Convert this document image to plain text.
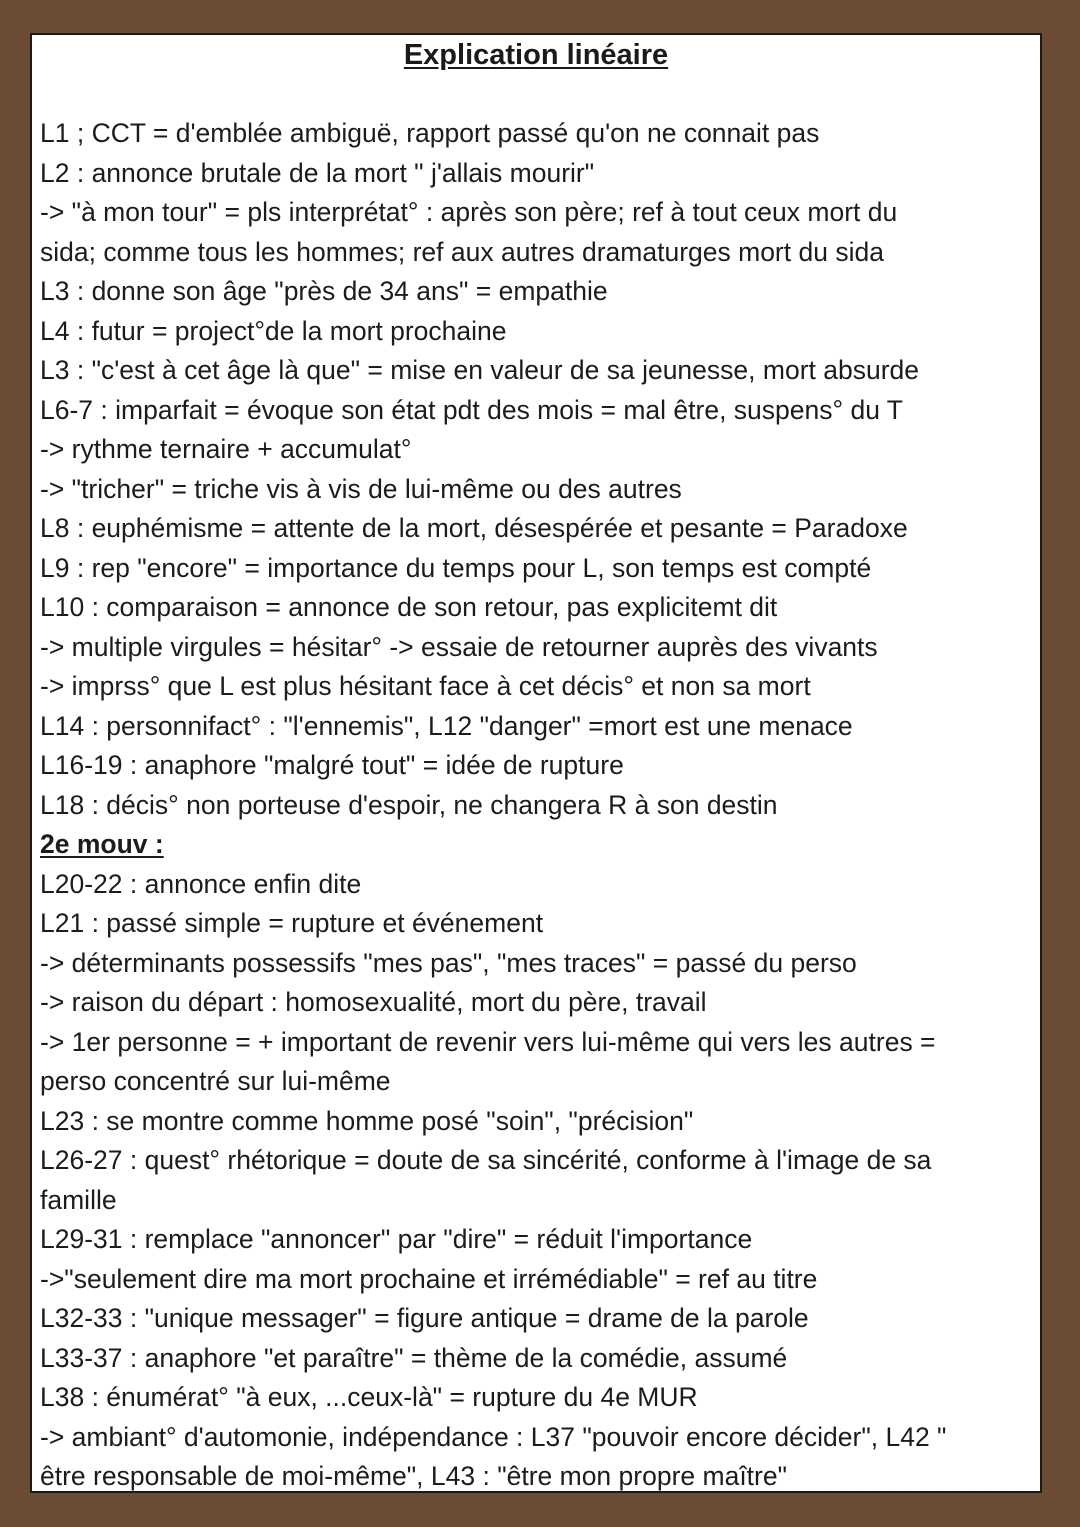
Explication linéaire
L1 ; CCT = d'emblée ambiguë, rapport passé qu'on ne connait pas
L2 : annonce brutale de la mort " j'allais mourir"
-> "à mon tour" = pls interprétat° : après son père; ref à tout ceux mort du
sida; comme tous les hommes; ref aux autres dramaturges mort du sida
L3 : donne son âge "près de 34 ans" = empathie
L4 : futur = project°de la mort prochaine
L3 : "c'est à cet âge là que" = mise en valeur de sa jeunesse, mort absurde
L6-7 : imparfait = évoque son état pdt des mois = mal être, suspens° du T
-> rythme ternaire + accumulat°
-> "tricher" = triche vis à vis de lui-même ou des autres
L8 : euphémisme = attente de la mort, désespérée et pesante = Paradoxe
L9 : rep "encore" = importance du temps pour L, son temps est compté
L10 : comparaison = annonce de son retour, pas explicitemt dit
-> multiple virgules = hésitar° -> essaie de retourner auprès des vivants
-> imprss° que L est plus hésitant face à cet décis° et non sa mort
L14 : personnifact° : "l'ennemis", L12 "danger" =mort est une menace
L16-19 : anaphore "malgré tout" = idée de rupture
L18 : décis° non porteuse d'espoir, ne changera R à son destin
2e mouv :
L20-22 : annonce enfin dite
L21 : passé simple = rupture et événement
-> déterminants possessifs "mes pas", "mes traces" = passé du perso
-> raison du départ : homosexualité, mort du père, travail
-> 1er personne = + important de revenir vers lui-même qui vers les autres =
perso concentré sur lui-même
L23 : se montre comme homme posé "soin", "précision"
L26-27 : quest° rhétorique = doute de sa sincérité, conforme à l'image de sa
famille
L29-31 : remplace "annoncer" par "dire" = réduit l'importance
->"seulement dire ma mort prochaine et irrémédiable" = ref au titre
L32-33 : "unique messager" = figure antique = drame de la parole
L33-37 : anaphore "et paraître" = thème de la comédie, assumé
L38 : énumérat° "à eux, ...ceux-là" = rupture du 4e MUR
-> ambiant° d'automonie, indépendance : L37 "pouvoir encore décider", L42 "
être responsable de moi-même", L43 : "être mon propre maître"
